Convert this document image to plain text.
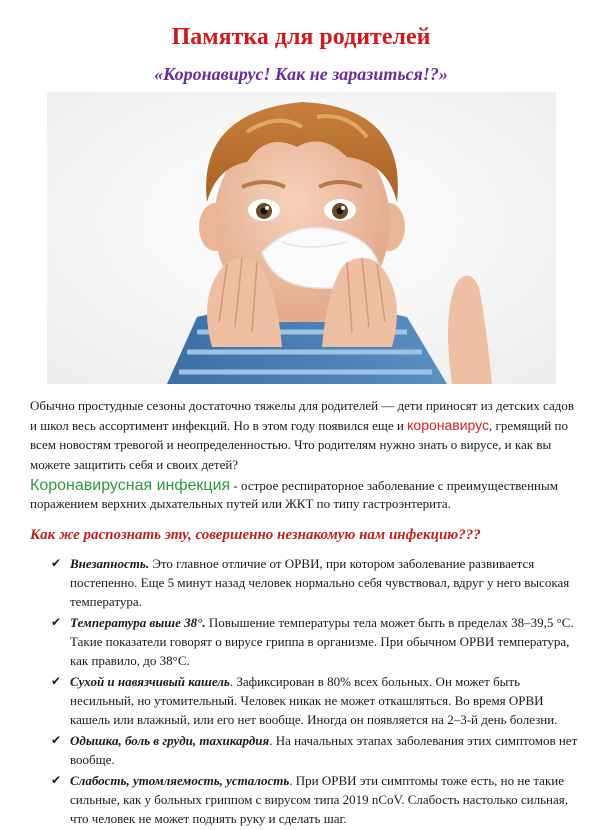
Памятка для родителей
«Коронавирус! Как не заразиться!?»

Обычно простудные сезоны достаточно тяжелы для родителей — дети приносят из детских садов и школ весь ассортимент инфекций. Но в этом году появился еще и коронавирус, гремящий по всем новостям тревогой и неопределенностью. Что родителям нужно знать о вирусе, и как вы можете защитить себя и своих детей?

Коронавирусная инфекция - острое респираторное заболевание с преимущественным поражением верхних дыхательных путей или ЖКТ по типу гастроэнтерита.

Как же распознать эту, совершенно незнакомую нам инфекцию???

✔ Внезапность. Это главное отличие от ОРВИ, при котором заболевание развивается постепенно. Еще 5 минут назад человек нормально себя чувствовал, вдруг у него высокая температура.
✔ Температура выше 38°. Повышение температуры тела может быть в пределах 38–39,5 °С. Такие показатели говорят о вирусе гриппа в организме. При обычном ОРВИ температура, как правило, до 38°С.
✔ Сухой и навязчивый кашель. Зафиксирован в 80% всех больных. Он может быть несильный, но утомительный. Человек никак не может откашляться. Во время ОРВИ кашель или влажный, или его нет вообще. Иногда он появляется на 2–3-й день болезни.
✔ Одышка, боль в груди, тахикардия. На начальных этапах заболевания этих симптомов нет вообще.
✔ Слабость, утомляемость, усталость. При ОРВИ эти симптомы тоже есть, но не такие сильные, как у больных гриппом с вирусом типа 2019 nCoV. Слабость настолько сильная, что человек не может поднять руку и сделать шаг.
